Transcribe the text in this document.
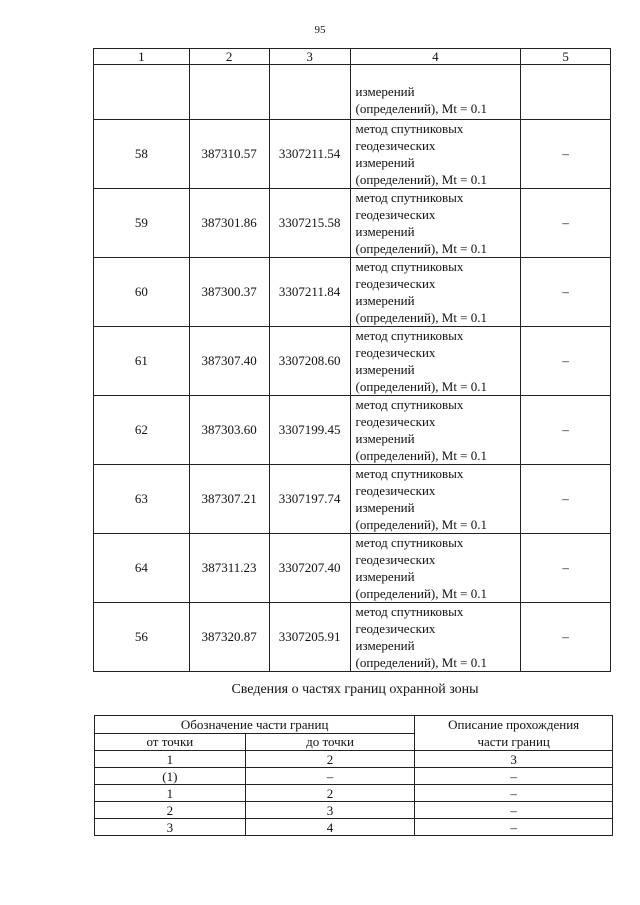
95
1	2	3	4	5

			измерений
(определений), Mt = 0.1	

58	387310.57	3307211.54	метод спутниковых
геодезических
измерений
(определений), Mt = 0.1	–
59	387301.86	3307215.58	метод спутниковых
геодезических
измерений
(определений), Mt = 0.1	–
60	387300.37	3307211.84	метод спутниковых
геодезических
измерений
(определений), Mt = 0.1	–
61	387307.40	3307208.60	метод спутниковых
геодезических
измерений
(определений), Mt = 0.1	–
62	387303.60	3307199.45	метод спутниковых
геодезических
измерений
(определений), Mt = 0.1	–
63	387307.21	3307197.74	метод спутниковых
геодезических
измерений
(определений), Mt = 0.1	–
64	387311.23	3307207.40	метод спутниковых
геодезических
измерений
(определений), Mt = 0.1	–
56	387320.87	3307205.91	метод спутниковых
геодезических
измерений
(определений), Mt = 0.1	–
Сведения о частях границ охранной зоны
Обозначение части границ		Описание прохождения
части границ

от точки	до точки	
1	2	3
(1)	–	–
1	2	–
2	3	–
3	4	–
